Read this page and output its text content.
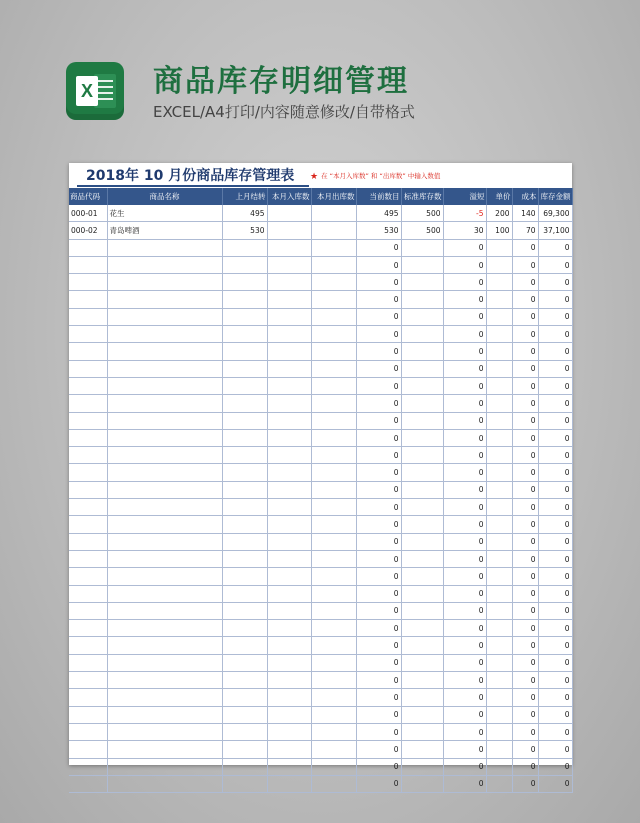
X 商品库存明细管理
EXCEL/A4打印/内容随意修改/自带格式
2018年 10 月份商品库存管理表 ★ 在 “本月入库数” 和 “出库数” 中输入数值
商品代码	商品名称	上月结转	本月入库数	本月出库数	当前数目	标准库存数	溢短	单价	成本	库存金额
000-01	花生	495			495	500	-5	200	140	69,300
000-02	青岛啤酒	530			530	500	30	100	70	37,100
					0		0		0	0
					0		0		0	0
					0		0		0	0
					0		0		0	0
					0		0		0	0
					0		0		0	0
					0		0		0	0
					0		0		0	0
					0		0		0	0
					0		0		0	0
					0		0		0	0
					0		0		0	0
					0		0		0	0
					0		0		0	0
					0		0		0	0
					0		0		0	0
					0		0		0	0
					0		0		0	0
					0		0		0	0
					0		0		0	0
					0		0		0	0
					0		0		0	0
					0		0		0	0
					0		0		0	0
					0		0		0	0
					0		0		0	0
					0		0		0	0
					0		0		0	0
					0		0		0	0
					0		0		0	0
					0		0		0	0
					0		0		0	0
